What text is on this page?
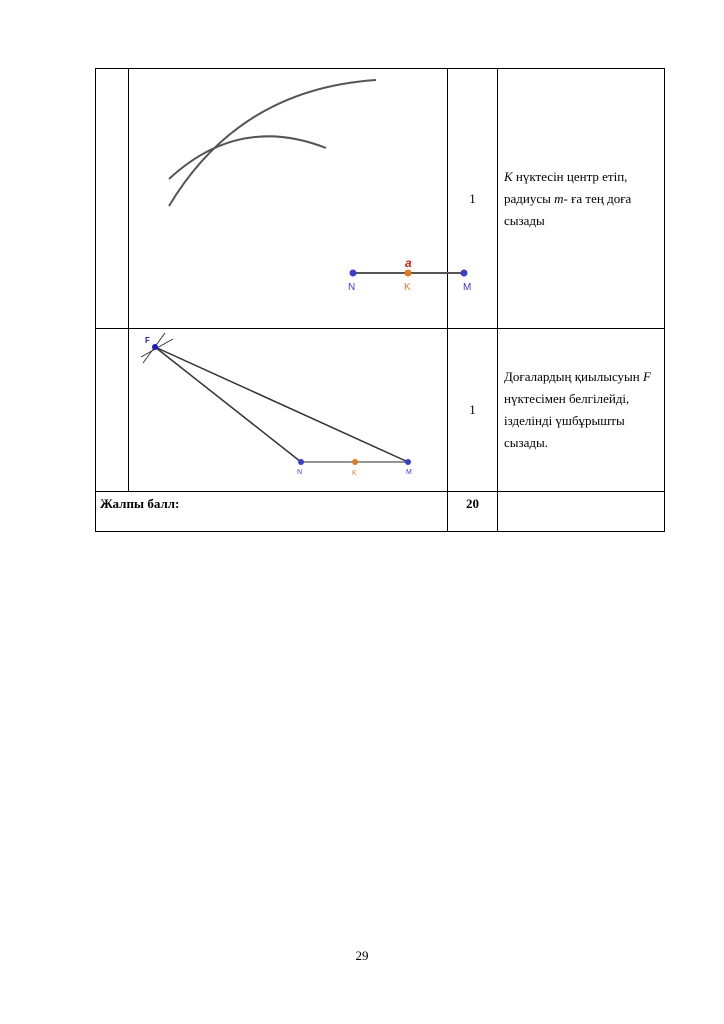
a
N K M	1	K нүктесін центр етіп, радиусы m- ға тең доға сызады

F
N K M	1	Доғалардың қиылысуын F нүктесімен белгілейді, ізделінді үшбұрышты сызады.
Жалпы балл:		20	
29
